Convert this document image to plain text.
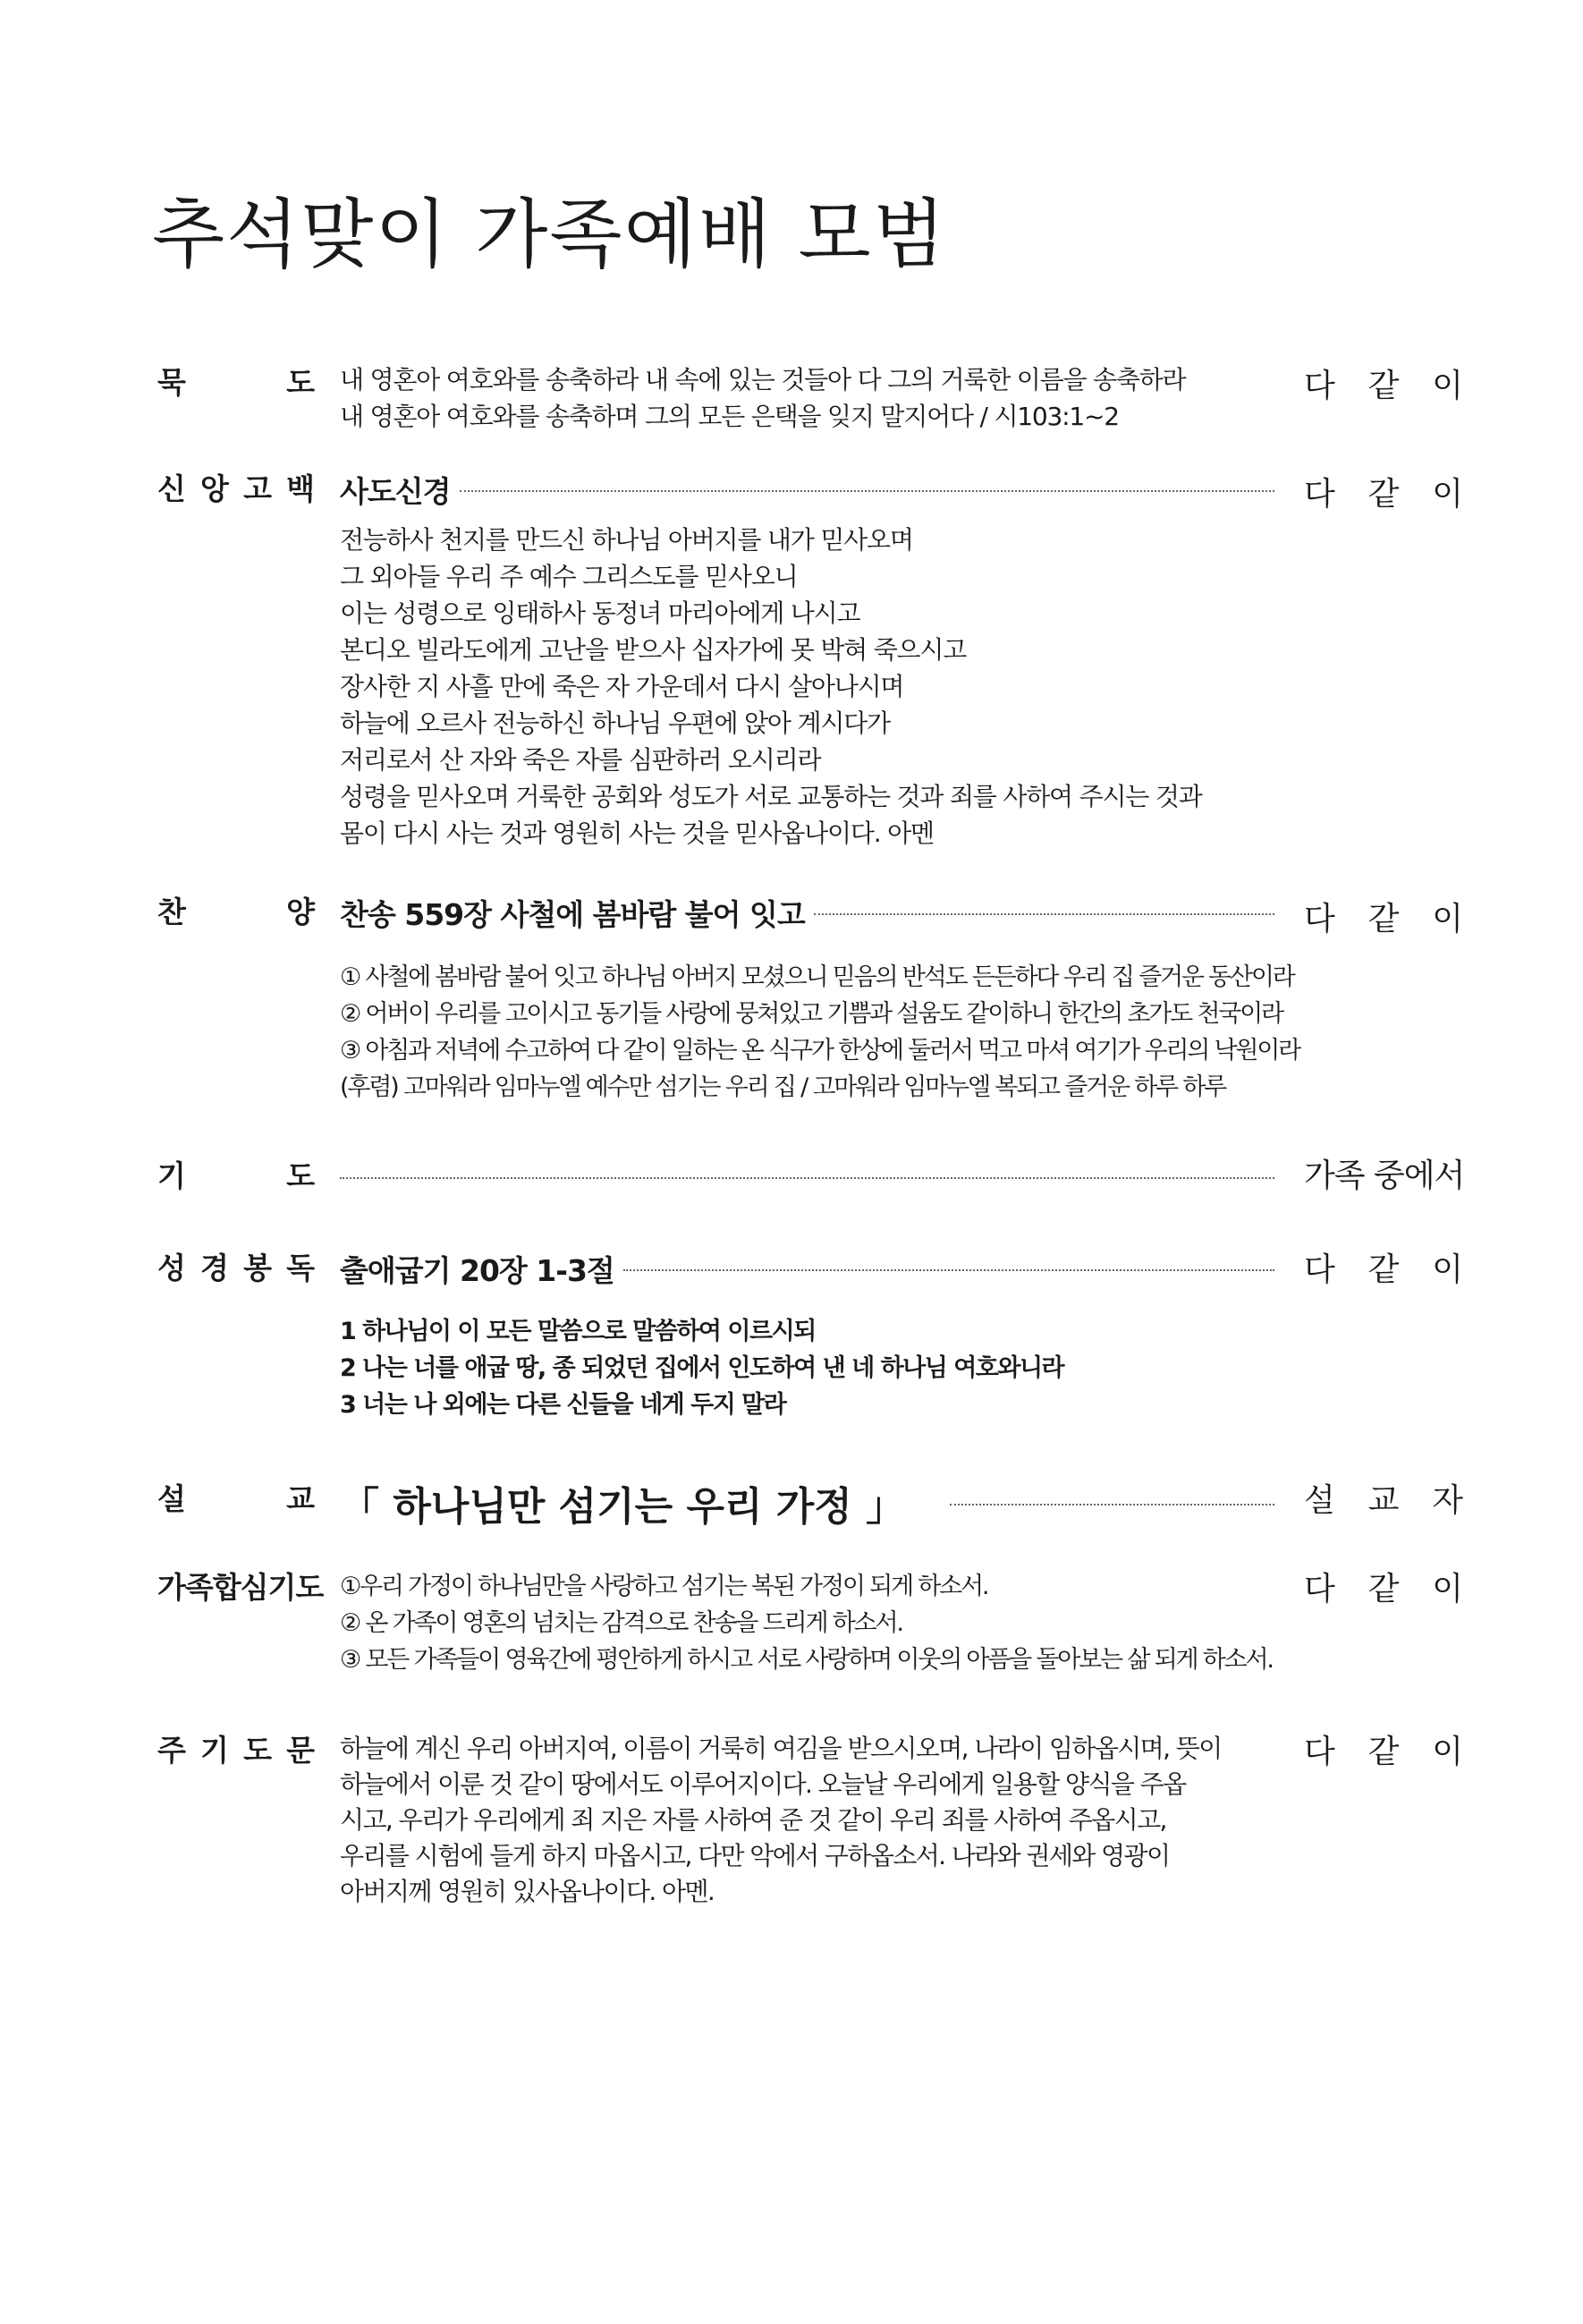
추석맞이 가족예배 모범
묵	도 내 영혼아 여호와를 송축하라 내 속에 있는 것들아 다 그의 거룩한 이름을 송축하라
내 영혼아 여호와를 송축하며 그의 모든 은택을 잊지 말지어다 / 시103:1~2
다 같 이
신 앙 고 백 사도신경	다 같 이
전능하사 천지를 만드신 하나님 아버지를 내가 믿사오며
그 외아들 우리 주 예수 그리스도를 믿사오니
이는 성령으로 잉태하사 동정녀 마리아에게 나시고
본디오 빌라도에게 고난을 받으사 십자가에 못 박혀 죽으시고
장사한 지 사흘 만에 죽은 자 가운데서 다시 살아나시며
하늘에 오르사 전능하신 하나님 우편에 앉아 계시다가
저리로서 산 자와 죽은 자를 심판하러 오시리라
성령을 믿사오며 거룩한 공회와 성도가 서로 교통하는 것과 죄를 사하여 주시는 것과
몸이 다시 사는 것과 영원히 사는 것을 믿사옵나이다. 아멘
찬	양 찬송 559장 사철에 봄바람 불어 잇고	다 같 이
① 사철에 봄바람 불어 잇고 하나님 아버지 모셨으니 믿음의 반석도 든든하다 우리 집 즐거운 동산이라
② 어버이 우리를 고이시고 동기들 사랑에 뭉쳐있고 기쁨과 설움도 같이하니 한간의 초가도 천국이라
③ 아침과 저녁에 수고하여 다 같이 일하는 온 식구가 한상에 둘러서 먹고 마셔 여기가 우리의 낙원이라
(후렴) 고마워라 임마누엘 예수만 섬기는 우리 집 / 고마워라 임마누엘 복되고 즐거운 하루 하루
기	도	가족 중에서
성 경 봉 독 출애굽기 20장 1-3절	다 같 이
1 하나님이 이 모든 말씀으로 말씀하여 이르시되
2 나는 너를 애굽 땅, 종 되었던 집에서 인도하여 낸 네 하나님 여호와니라
3 너는 나 외에는 다른 신들을 네게 두지 말라
설	교 「 하나님만 섬기는 우리 가정 」	설 교 자
가족합심기도	다 같 이
①우리 가정이 하나님만을 사랑하고 섬기는 복된 가정이 되게 하소서.
② 온 가족이 영혼의 넘치는 감격으로 찬송을 드리게 하소서.
③ 모든 가족들이 영육간에 평안하게 하시고 서로 사랑하며 이웃의 아픔을 돌아보는 삶 되게 하소서.
주 기 도 문	다 같 이
하늘에 계신 우리 아버지여, 이름이 거룩히 여김을 받으시오며, 나라이 임하옵시며, 뜻이
하늘에서 이룬 것 같이 땅에서도 이루어지이다. 오늘날 우리에게 일용할 양식을 주옵
시고, 우리가 우리에게 죄 지은 자를 사하여 준 것 같이 우리 죄를 사하여 주옵시고,
우리를 시험에 들게 하지 마옵시고, 다만 악에서 구하옵소서. 나라와 권세와 영광이
아버지께 영원히 있사옵나이다. 아멘.
